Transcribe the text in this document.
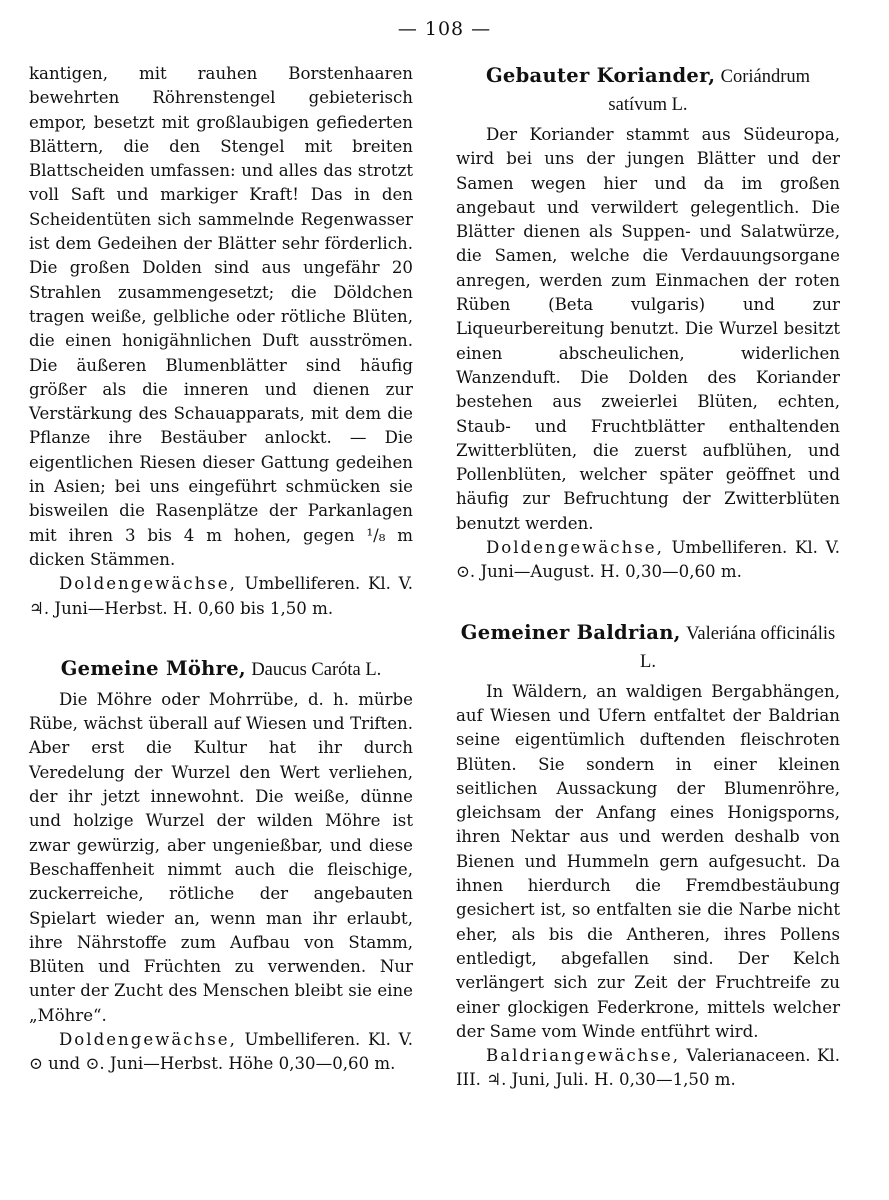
— 108 —

kantigen, mit rauhen Borstenhaaren bewehrten Röhrenstengel gebieterisch empor, besetzt mit großlaubigen gefiederten Blättern, die den Stengel mit breiten Blattscheiden umfassen: und alles das strotzt voll Saft und markiger Kraft! Das in den Scheidentüten sich sammelnde Regenwasser ist dem Gedeihen der Blätter sehr förderlich. Die großen Dolden sind aus ungefähr 20 Strahlen zusammengesetzt; die Döldchen tragen weiße, gelbliche oder rötliche Blüten, die einen honigähnlichen Duft ausströmen. Die äußeren Blumenblätter sind häufig größer als die inneren und dienen zur Verstärkung des Schauapparats, mit dem die Pflanze ihre Bestäuber anlockt. — Die eigentlichen Riesen dieser Gattung gedeihen in Asien; bei uns eingeführt schmücken sie bisweilen die Rasenplätze der Parkanlagen mit ihren 3 bis 4 m hohen, gegen ¹/₈ m dicken Stämmen.

Doldengewächse, Umbelliferen. Kl. V. ♃. Juni—Herbst. H. 0,60 bis 1,50 m.

Gemeine Möhre, Daucus Caróta L.

Die Möhre oder Mohrrübe, d. h. mürbe Rübe, wächst überall auf Wiesen und Triften. Aber erst die Kultur hat ihr durch Veredelung der Wurzel den Wert verliehen, der ihr jetzt innewohnt. Die weiße, dünne und holzige Wurzel der wilden Möhre ist zwar gewürzig, aber ungenießbar, und diese Beschaffenheit nimmt auch die fleischige, zuckerreiche, rötliche der angebauten Spielart wieder an, wenn man ihr erlaubt, ihre Nährstoffe zum Aufbau von Stamm, Blüten und Früchten zu verwenden. Nur unter der Zucht des Menschen bleibt sie eine „Möhre“.

Doldengewächse, Umbelliferen. Kl. V. ⊙ und ⊙. Juni—Herbst. Höhe 0,30—0,60 m.

Gebauter Koriander, Coriándrum satívum L.

Der Koriander stammt aus Südeuropa, wird bei uns der jungen Blätter und der Samen wegen hier und da im großen angebaut und verwildert gelegentlich. Die Blätter dienen als Suppen- und Salatwürze, die Samen, welche die Verdauungsorgane anregen, werden zum Einmachen der roten Rüben (Beta vulgaris) und zur Liqueurbereitung benutzt. Die Wurzel besitzt einen abscheulichen, widerlichen Wanzenduft. Die Dolden des Koriander bestehen aus zweierlei Blüten, echten, Staub- und Fruchtblätter enthaltenden Zwitterblüten, die zuerst aufblühen, und Pollenblüten, welcher später geöffnet und häufig zur Befruchtung der Zwitterblüten benutzt werden.

Doldengewächse, Umbelliferen. Kl. V. ⊙. Juni—August. H. 0,30—0,60 m.

Gemeiner Baldrian, Valeriána officinális L.

In Wäldern, an waldigen Bergabhängen, auf Wiesen und Ufern entfaltet der Baldrian seine eigentümlich duftenden fleischroten Blüten. Sie sondern in einer kleinen seitlichen Aussackung der Blumenröhre, gleichsam der Anfang eines Honigsporns, ihren Nektar aus und werden deshalb von Bienen und Hummeln gern aufgesucht. Da ihnen hierdurch die Fremdbestäubung gesichert ist, so entfalten sie die Narbe nicht eher, als bis die Antheren, ihres Pollens entledigt, abgefallen sind. Der Kelch verlängert sich zur Zeit der Fruchtreife zu einer glockigen Federkrone, mittels welcher der Same vom Winde entführt wird.

Baldriangewächse, Valerianaceen. Kl. III. ♃. Juni, Juli. H. 0,30—1,50 m.
